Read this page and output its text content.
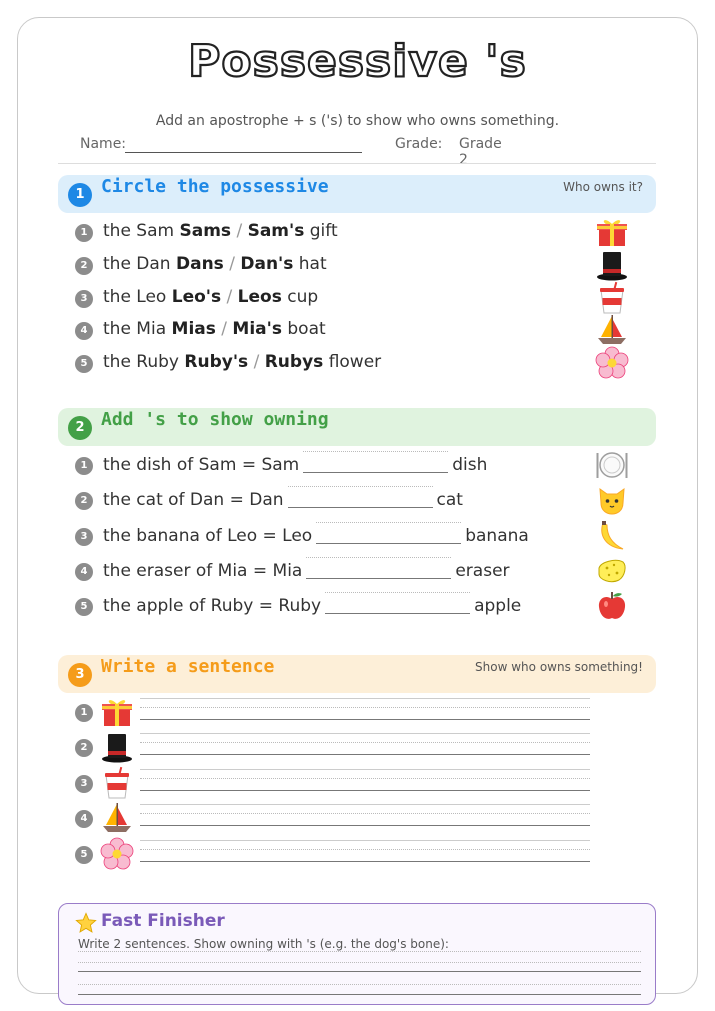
Possessive 's
Add an apostrophe + s ('s) to show who owns something.
Name:	Grade: Grade 2
1 Circle the possessive	Who owns it?
1 the Sam Sams / Sam's gift
2 the Dan Dans / Dan's hat
3 the Leo Leo's / Leos cup
4 the Mia Mias / Mia's boat
5 the Ruby Ruby's / Rubys flower
2 Add 's to show owning
1 the dish of Sam = Sam	dish
2 the cat of Dan = Dan	cat
3 the banana of Leo = Leo	banana
4 the eraser of Mia = Mia	eraser
5 the apple of Ruby = Ruby	apple
3 Write a sentence	Show who owns something!
1
2
3
4
5
Fast Finisher
Write 2 sentences. Show owning with 's (e.g. the dog's bone):
